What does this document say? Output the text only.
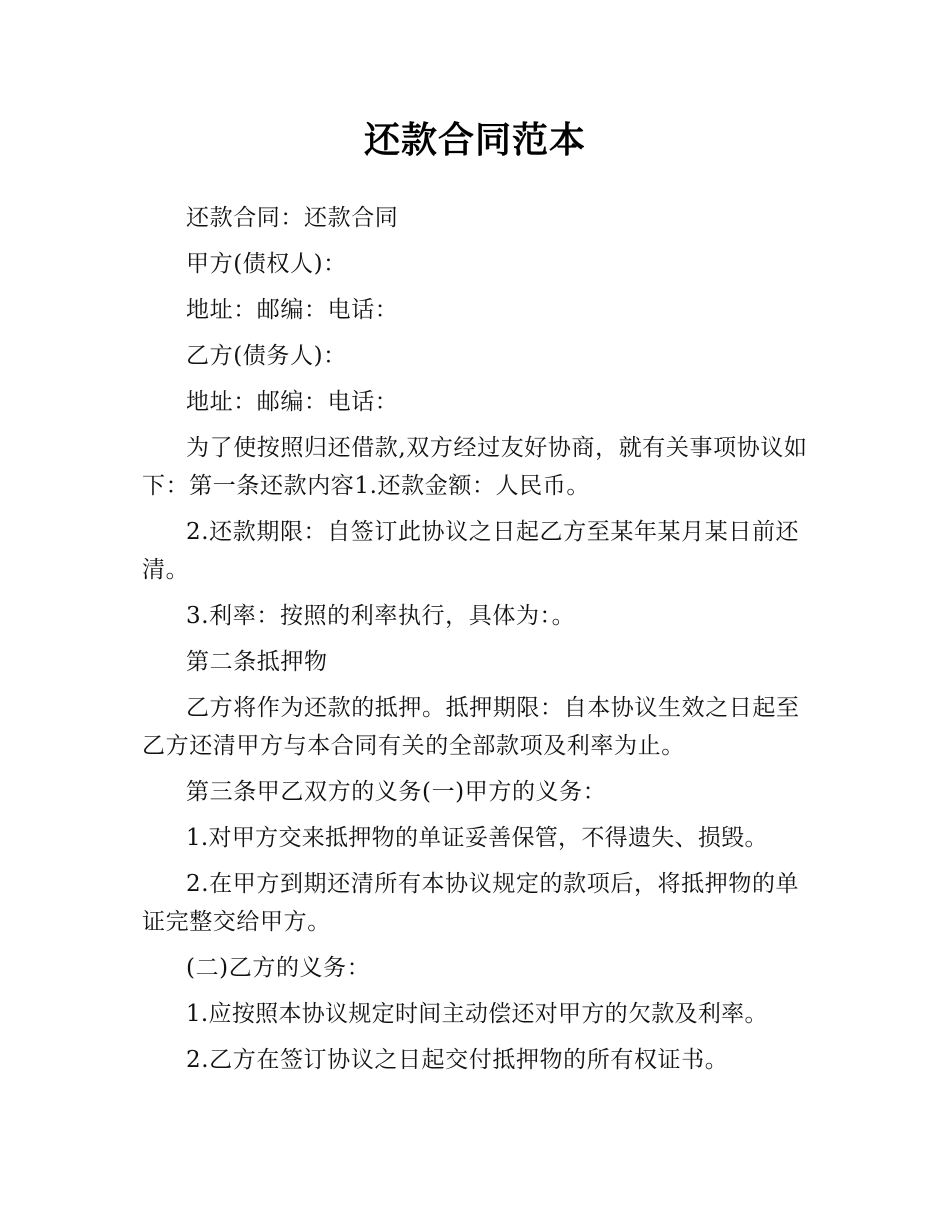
还款合同范本

还款合同：还款合同

甲方(债权人)：

地址：邮编：电话：

乙方(债务人)：

地址：邮编：电话：

为了使按照归还借款,双方经过友好协商，就有关事项协议如下：第一条还款内容1.还款金额：人民币。

2.还款期限：自签订此协议之日起乙方至某年某月某日前还清。

3.利率：按照的利率执行，具体为：。

第二条抵押物

乙方将作为还款的抵押。抵押期限：自本协议生效之日起至乙方还清甲方与本合同有关的全部款项及利率为止。

第三条甲乙双方的义务(一)甲方的义务：

1.对甲方交来抵押物的单证妥善保管，不得遗失、损毁。

2.在甲方到期还清所有本协议规定的款项后，将抵押物的单证完整交给甲方。

(二)乙方的义务：

1.应按照本协议规定时间主动偿还对甲方的欠款及利率。

2.乙方在签订协议之日起交付抵押物的所有权证书。
